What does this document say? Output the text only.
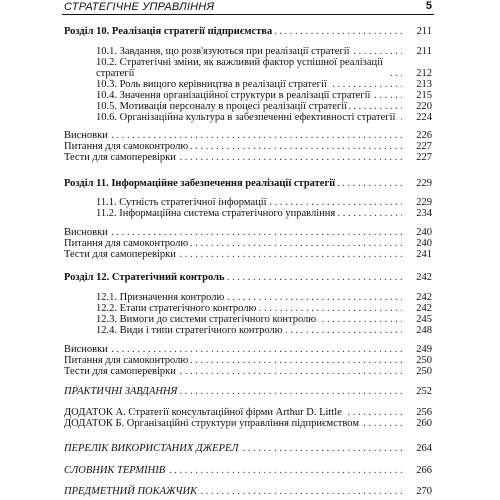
СТРАТЕГІЧНЕ УПРАВЛІННЯ	5
. . .
Розділ 10. Реалізація стратегії підприємства	211
. . .
10.1. Завдання, що розв'язуються при реалізації стратегії	211
. . .
10.2. Стратегічні зміни, як важливий фактор успішної реалізації стратегії	212
. . .
10.3. Роль вищого керівництва в реалізації стратегії	213
. . .
10.4. Значення організаційної структури в реалізації стратегії	215
. . .
10.5. Мотивація персоналу в процесі реалізації стратегії	220
. . .
10.6. Організаційна культура в забезпеченні ефективності стратегії	224
. . .
Висновки	226
. . .
Питання для самоконтролю	227
. . .
Тести для самоперевірки	227
. . .
Розділ 11. Інформаційне забезпечення реалізації стратегії	229
. . .
11.1. Сутність стратегічної інформації	229
. . .
11.2. Інформаційна система стратегічного управління	234
. . .
Висновки	240
. . .
Питання для самоконтролю	240
. . .
Тести для самоперевірки	241
. . .
Розділ 12. Стратегічний контроль	242
. . .
12.1. Призначення контролю	242
. . .
12.2. Етапи стратегічного контролю	242
. . .
12.3. Вимоги до системи стратегічного контролю	245
. . .
12.4. Види і типи стратегічного контролю	248
. . .
Висновки	249
. . .
Питання для самоконтролю	250
. . .
Тести для самоперевірки	250
. . .
ПРАКТИЧНІ ЗАВДАННЯ	252
. . .
ДОДАТОК А. Стратегії консультаційної фірми Arthur D. Little	256
. . .
ДОДАТОК Б. Організаційні структури управління підприємством	260
. . .
ПЕРЕЛІК ВИКОРИСТАНИХ ДЖЕРЕЛ	264
. . .
СЛОВНИК ТЕРМІНІВ	266
. . .
ПРЕДМЕТНИЙ ПОКАЖЧИК	270
